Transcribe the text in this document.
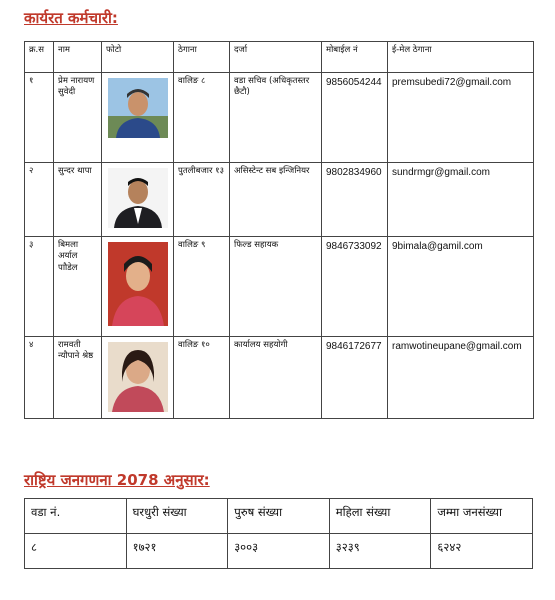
कार्यरत कर्मचारी:
क्र.स	नाम	फोटो	ठेगाना	दर्जा	मोबाईल नं	ई-मेल ठेगाना
१	प्रेम नारायण सुवेदी		वालिङ ८	वडा सचिव (अधिकृतस्तर छैटौ)	9856054244	premsubedi72@gmail.com
२	सुन्दर थापा		पुतलीबजार १३	असिस्टेन्ट सब इन्जिनियर	9802834960	sundrmgr@gmail.com
३	बिमला अर्याल पाौडेल		वालिङ ९	फिल्ड सहायक	9846733092	9bimala@gamil.com
४	रामवती न्यौपाने श्रेष्ठ		वालिङ १०	कार्यालय सहयाेगी	9846172677	ramwotineupane@gmail.com
राष्ट्रिय जनगणना 2078 अनुसार:
वडा नं.	घरधुरी संख्या	पुरुष संख्या	महिला संख्या	जम्मा जनसंख्या
८	१७२१	३००३	३२३९	६२४२
